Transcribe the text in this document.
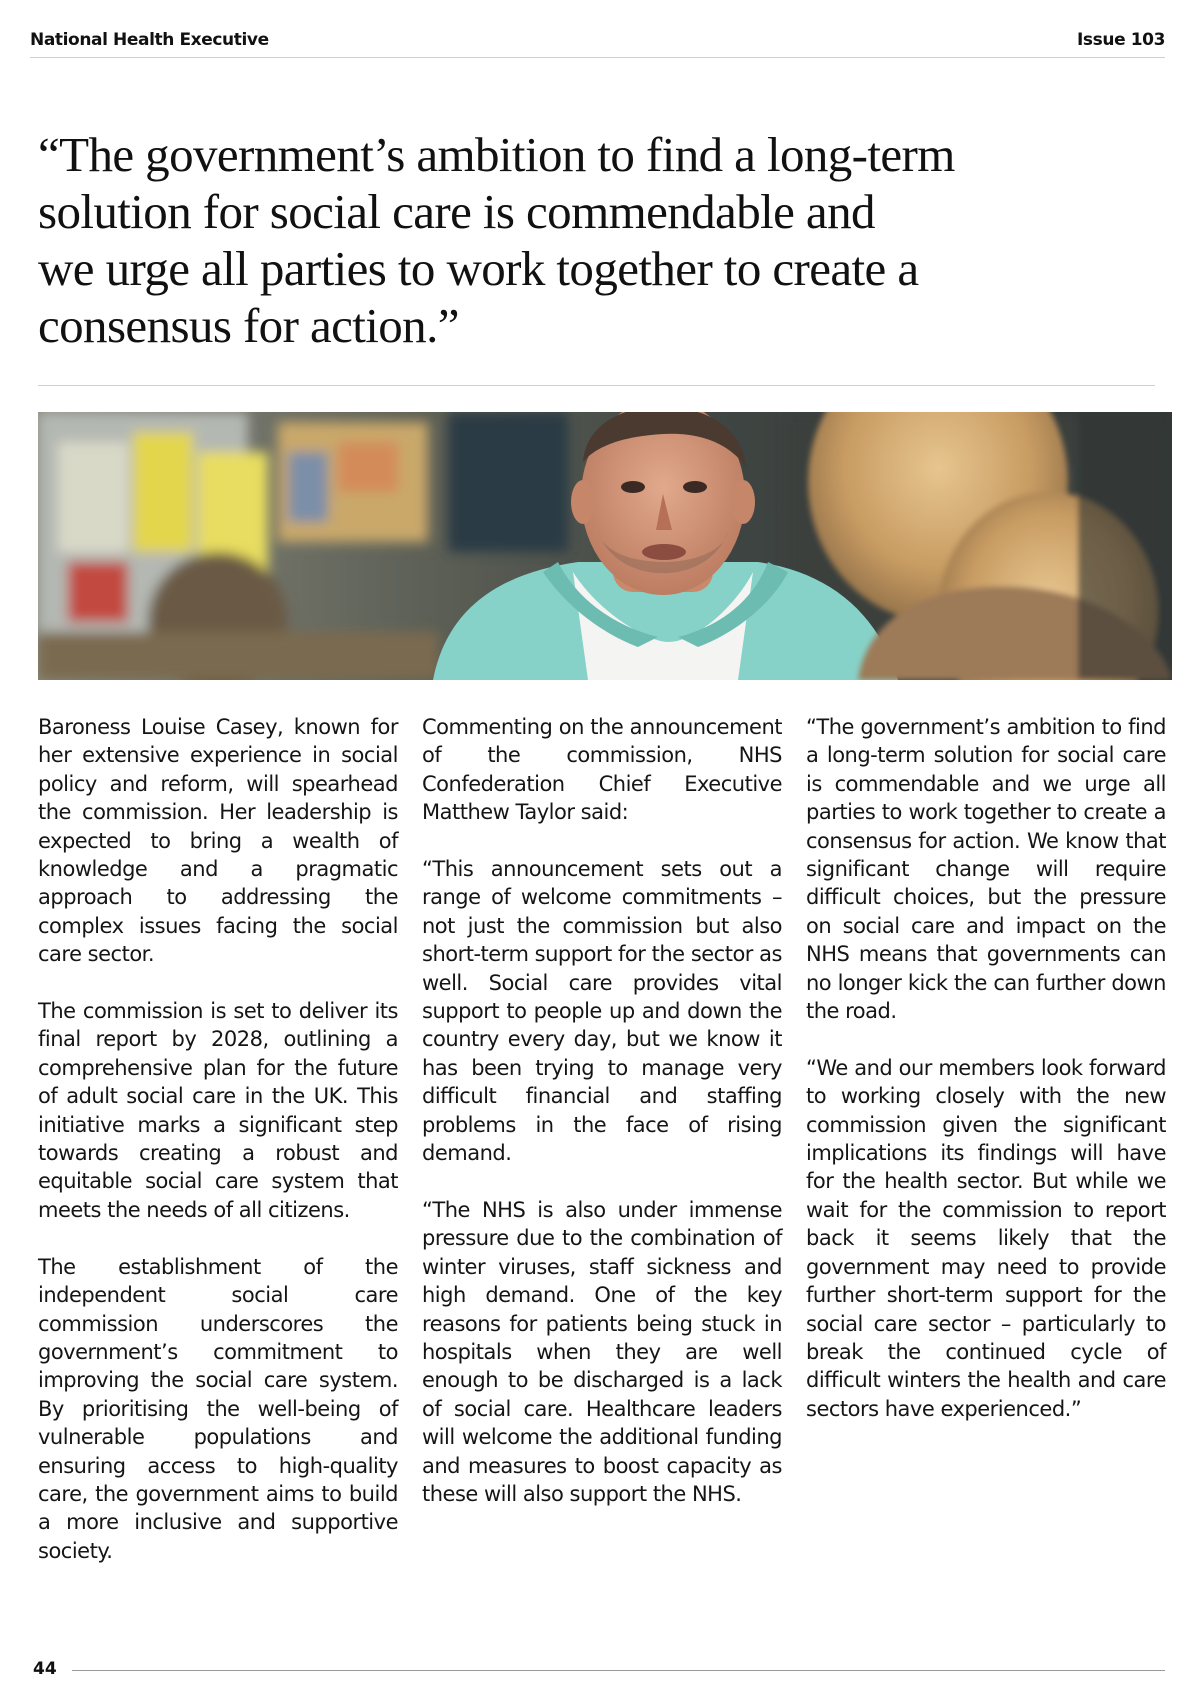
National Health Executive	Issue 103
“The government’s ambition to find a long-term
solution for social care is commendable and
we urge all parties to work together to create a
consensus for action.”

Baroness Louise Casey, known for her extensive experience in social policy and reform, will spearhead the commission. Her leadership is expected to bring a wealth of knowledge and a pragmatic approach to addressing the complex issues facing the social care sector.

The commission is set to deliver its final report by 2028, outlining a comprehensive plan for the future of adult social care in the UK. This initiative marks a significant step towards creating a robust and equitable social care system that meets the needs of all citizens.

The establishment of the independent social care commission underscores the government’s commitment to improving the social care system. By prioritising the well-being of vulnerable populations and ensuring access to high-quality care, the government aims to build a more inclusive and supportive society.

Commenting on the announcement of the commission, NHS Confederation Chief Executive Matthew Taylor said:

“This announcement sets out a range of welcome commitments – not just the commission but also short-term support for the sector as well. Social care provides vital support to people up and down the country every day, but we know it has been trying to manage very difficult financial and staffing problems in the face of rising demand.

“The NHS is also under immense pressure due to the combination of winter viruses, staff sickness and high demand. One of the key reasons for patients being stuck in hospitals when they are well enough to be discharged is a lack of social care. Healthcare leaders will welcome the additional funding and measures to boost capacity as these will also support the NHS.

“The government’s ambition to find a long-term solution for social care is commendable and we urge all parties to work together to create a consensus for action. We know that significant change will require difficult choices, but the pressure on social care and impact on the NHS means that governments can no longer kick the can further down the road.

“We and our members look forward to working closely with the new commission given the significant implications its findings will have for the health sector. But while we wait for the commission to report back it seems likely that the government may need to provide further short-term support for the social care sector – particularly to break the continued cycle of difficult winters the health and care sectors have experienced.”

44
